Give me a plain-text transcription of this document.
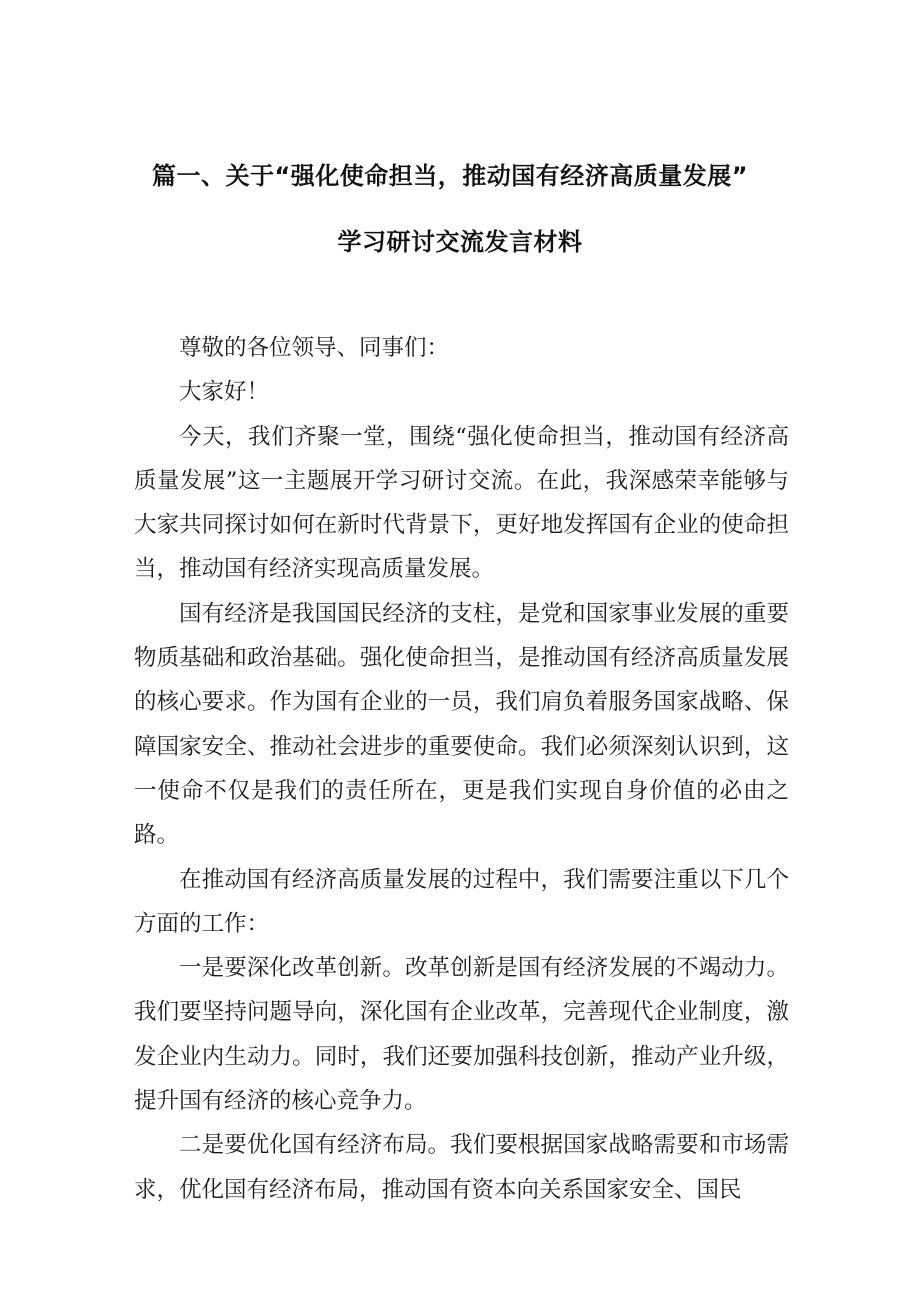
篇一、关于“强化使命担当，推动国有经济高质量发展”
学习研讨交流发言材料

尊敬的各位领导、同事们：

大家好！

今天，我们齐聚一堂，围绕“强化使命担当，推动国有经济高质量发展”这一主题展开学习研讨交流。在此，我深感荣幸能够与大家共同探讨如何在新时代背景下，更好地发挥国有企业的使命担当，推动国有经济实现高质量发展。

国有经济是我国国民经济的支柱，是党和国家事业发展的重要物质基础和政治基础。强化使命担当，是推动国有经济高质量发展的核心要求。作为国有企业的一员，我们肩负着服务国家战略、保障国家安全、推动社会进步的重要使命。我们必须深刻认识到，这一使命不仅是我们的责任所在，更是我们实现自身价值的必由之路。

在推动国有经济高质量发展的过程中，我们需要注重以下几个方面的工作：

一是要深化改革创新。改革创新是国有经济发展的不竭动力。我们要坚持问题导向，深化国有企业改革，完善现代企业制度，激发企业内生动力。同时，我们还要加强科技创新，推动产业升级，提升国有经济的核心竞争力。

二是要优化国有经济布局。我们要根据国家战略需要和市场需求，优化国有经济布局，推动国有资本向关系国家安全、国民
